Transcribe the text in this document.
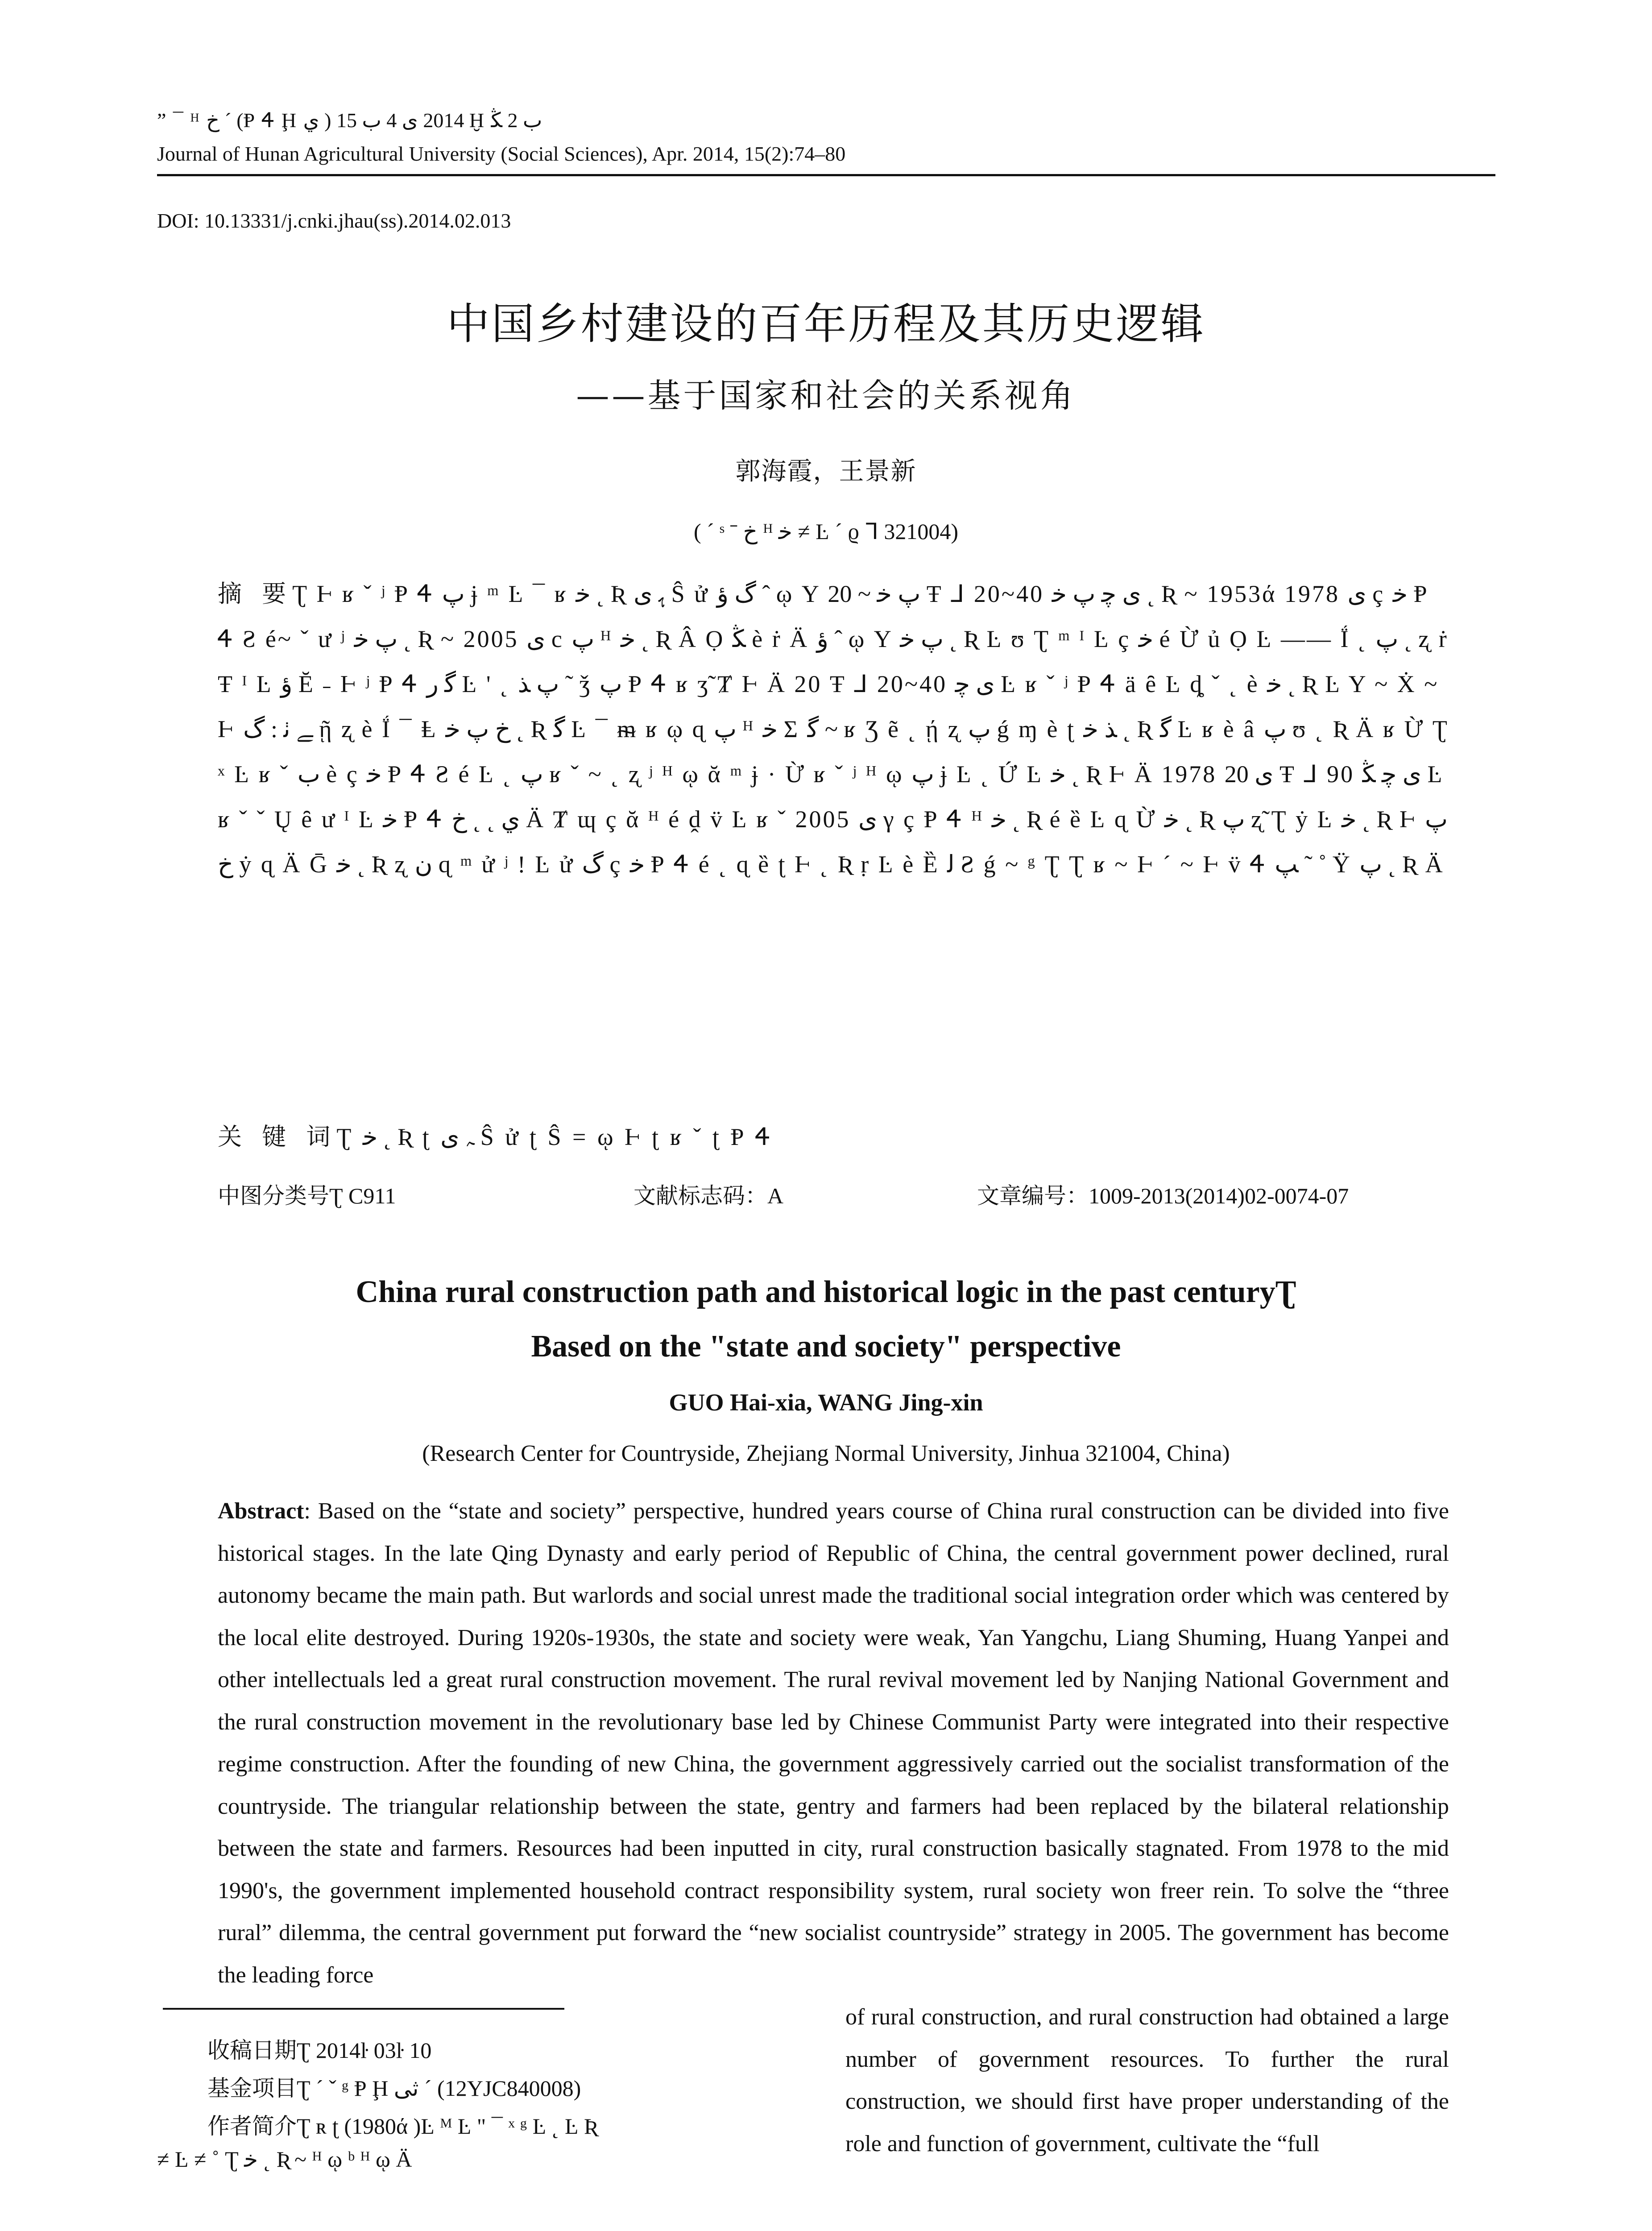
” ¯ ᴴ ﺥ ˊ (Ᵽ Ꮞ Ḩ ي ) 2014 ﯼ 4 ﺏ 15 Ḫ ﺏ 2 ﯖ
Journal of Hunan Agricultural University (Social Sciences), Apr. 2014, 15(2):74–80
DOI: 10.13331/j.cnki.jhau(ss).2014.02.013
中国乡村建设的百年历程及其历史逻辑
——基于国家和社会的关系视角
郭海霞，王景新
( ˊ ˢ ˉ ﺥ ᴴ ﺧ ≠ Ŀ ˊ ϱ ᒣ 321004)
摘 要Ʈ Ⱶ ʁ ˇ ʲ Ᵽ Ꮞ ﭖ ɉ ᵐ Ŀ ¯ ʁ ﺧ ˛ Ʀ ﮨ ﯼ Ŝ ử ﮒ ؤ ˆ ῳ Y ﭖ ﺧ ~ 20 Ŧ ⅃ 20~40 ﯼ ﭼ ﭖ ﺧ ˛ Ʀ ~ 1953ά 1978 ﯼ ç ﺧ Ᵽ Ꮞ Ƨ é~ ˇ ư ʲ ﭖ ﺧ ˛ Ʀ ~ 2005 ﯼ c ﭖ ᴴ ﺧ ˛ Ʀ Â Ọ ﯖ è ṙ Ä ؤ ˆ ῳ Y ﭖ ﺧ ˛ Ʀ Ŀ ʊ Ʈ ᵐ ᴵ Ŀ ç ﺧ é Ừ ủ Ọ Ŀ —— Ḯ ˛ ﭖ ˛ ʐ ṙ Ŧ ᴵ Ŀ ؤ Ĕ ˗ Ⱶ ʲ Ᵽ Ꮞ ﮔ ﺭ Ŀ ' ˛ ﭖ ﺬ ˜ ǯ ﭖ Ᵽ Ꮞ ʁ ʒ̃ Ⱦ Ⱶ Ä 20 Ŧ ⅃ 20~40 ﯼ ﭼ Ŀ ʁ ˇ ʲ Ᵽ Ꮞ ä ȇ Ŀ ȡ ˇ ˛ è ﺧ ˛ Ʀ Ŀ Y ~ Ẋ ~ Ⱶ ﮯ ﭠ : ﮒ ῇ ʐ è Ḯ ¯ Ⱡ ﺥ ﭖ ﺧ ˛ Ʀ ﮔ Ŀ ¯ ᵯ ʁ ῳ ɋ ﭖ ᴴ ﺧ Σ ﮔ ~ ʁ Ʒ ẽ ˛ ῄ ʐ ﭖ ǵ ɱ è ʈ ﺬ ﺧ ˛ Ʀ ﮔ Ŀ ʁ è â ﭖ ʊ ˛ Ʀ Ä ʁ Ừ Ʈ ˣ Ŀ ʁ ˇ ﺏ è ç ﺧ Ᵽ Ꮞ Ƨ é Ŀ ˛ ﭖ ʁ ˇ ~ ˛ ʐ ʲ ᴴ ῳ ᾰ ᵐ ɉ · Ừ ʁ ˇ ʲ ᴴ ῳ ﭖ ɉ Ŀ ˛ Ứ Ŀ ﺧ ˛ Ʀ Ⱶ Ä 1978 ﯼ 20 Ŧ ⅃ 90 ﯼ ﭼ ﯖ Ŀ ʁ ˇ ˇ Ų ȇ ư ᴵ Ŀ ﺧ Ᵽ Ꮞ ي ˛ ˛ ﺥ Ä Ⱦ ɰ ç ᾰ ᴴ é ḓ v̈ Ŀ ʁ ˇ 2005 ﯼ γ ç Ᵽ Ꮞ ᴴ ﺧ ˛ Ʀ é ȅ Ŀ ɋ Ừ ﺧ ˛ Ʀ ﭖ ʐ̃ Ʈ ẏ Ŀ ﺧ ˛ Ʀ Ⱶ ﭖ ﺥ ẏ ɋ Ä Ḡ ﺧ ˛ Ʀ ʐ ن ɋ ᵐ ử ʲ ! Ŀ ử ﮒ ç ﺧ Ᵽ Ꮞ é ˛ ɋ ȅ ʈ Ⱶ ˛ Ʀ ṛ Ŀ è Ȅ ﻟ Ƨ ǵ ~ ᵍ Ʈ Ʈ ʁ ~ Ⱶ ˊ ~ Ⱶ v̈ Ꮞ ﭗ ˜ ˚ Ÿ ﭖ ˛ Ʀ Ä
关 键 词Ʈ ﺧ ˛ Ʀ ʈ ﮧ ﯼ Ŝ ử ʈ Ŝ = ῳ Ⱶ ʈ ʁ ˇ ʈ Ᵽ Ꮞ
中图分类号Ʈ C911	文献标志码：A	文章编号：1009-2013(2014)02-0074-07
China rural construction path and historical logic in the past centuryƮ
Based on the "state and society" perspective
GUO Hai-xia, WANG Jing-xin
(Research Center for Countryside, Zhejiang Normal University, Jinhua 321004, China)
Abstract: Based on the “state and society” perspective, hundred years course of China rural construction can be divided into five historical stages. In the late Qing Dynasty and early period of Republic of China, the central government power declined, rural autonomy became the main path. But warlords and social unrest made the traditional social integration order which was centered by the local elite destroyed. During 1920s-1930s, the state and society were weak, Yan Yangchu, Liang Shuming, Huang Yanpei and other intellectuals led a great rural construction movement. The rural revival movement led by Nanjing National Government and the rural construction movement in the revolutionary base led by Chinese Communist Party were integrated into their respective regime construction. After the founding of new China, the government aggressively carried out the socialist transformation of the countryside. The triangular relationship between the state, gentry and farmers had been replaced by the bilateral relationship between the state and farmers. Resources had been inputted in city, rural construction basically stagnated. From 1978 to the mid 1990's, the government implemented household contract responsibility system, rural society won freer rein. To solve the “three rural” dilemma, the central government put forward the “new socialist countryside” strategy in 2005. The government has become the leading force
of rural construction, and rural construction had obtained a large number of government resources. To further the rural construction, we should first have proper understanding of the role and function of government, cultivate the “full
收稿日期Ʈ 2014ŀ 03ŀ 10
基金项目Ʈ ˊ ˇ ᵍ Ᵽ Ḩ ثی ˊ (12YJC840008)
作者简介Ʈ ʀ ʈ (1980ά )Ŀ ᴹ Ŀ " ¯ ˣ ᵍ Ŀ ˛ Ŀ Ʀ
≠ Ŀ ≠ ˚ Ʈ ﺧ ˛ Ʀ ~ ᴴ ῳ ᵇ ᴴ ῳ Ä
